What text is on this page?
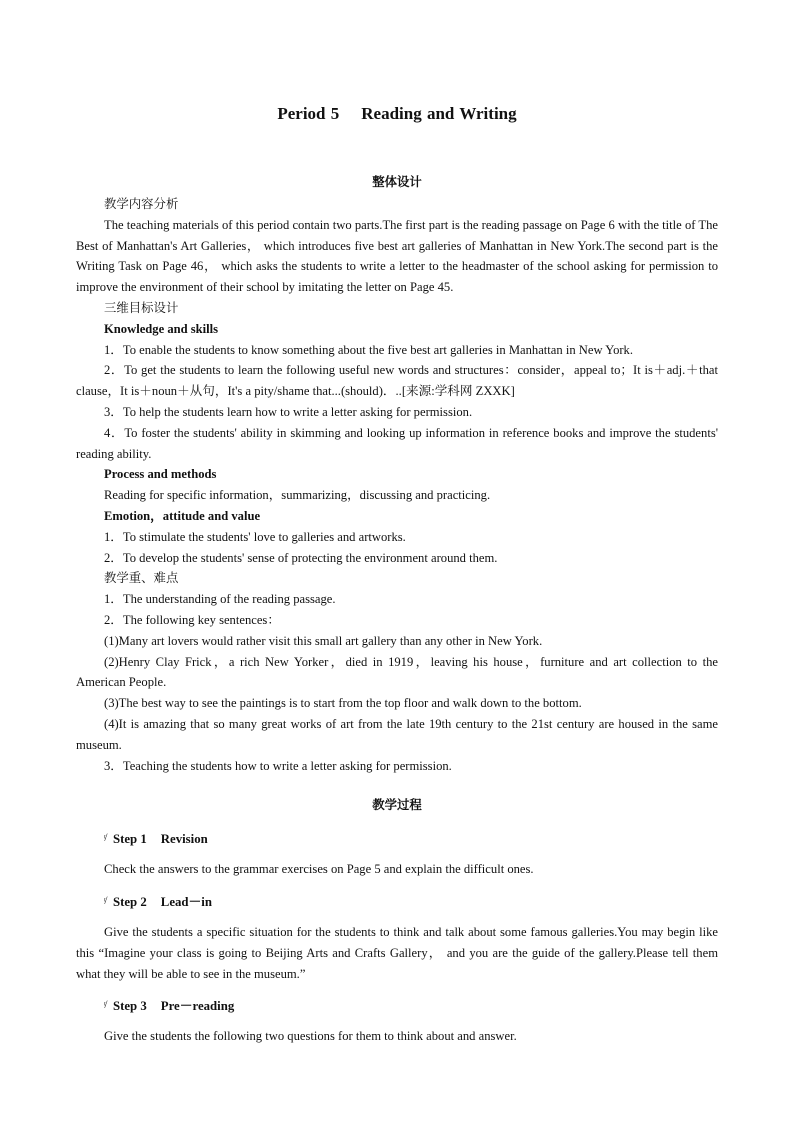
Period 5 Reading and Writing
整体设计

教学内容分析

The teaching materials of this period contain two parts.The first part is the reading passage on Page 6 with the title of The Best of Manhattan's Art Galleries， which introduces five best art galleries of Manhattan in New York.The second part is the Writing Task on Page 46， which asks the students to write a letter to the headmaster of the school asking for permission to improve the environment of their school by imitating the letter on Page 45.

三维目标设计

Knowledge and skills

1．To enable the students to know something about the five best art galleries in Manhattan in New York.

2．To get the students to learn the following useful new words and structures：consider，appeal to；It is＋adj.＋that clause，It is＋noun＋从句，It's a pity/shame that...(should)．..[来源:学科网 ZXXK]

3．To help the students learn how to write a letter asking for permission.

4．To foster the students' ability in skimming and looking up information in reference books and improve the students' reading ability.

Process and methods

Reading for specific information，summarizing，discussing and practicing.

Emotion，attitude and value

1．To stimulate the students' love to galleries and artworks.

2．To develop the students' sense of protecting the environment around them.

教学重、难点

1．The understanding of the reading passage.

2．The following key sentences：

(1)Many art lovers would rather visit this small art gallery than any other in New York.

(2)Henry Clay Frick，a rich New Yorker，died in 1919，leaving his house，furniture and art collection to the American People.

(3)The best way to see the paintings is to start from the top floor and walk down to the bottom.

(4)It is amazing that so many great works of art from the late 19th century to the 21st century are housed in the same museum.

3．Teaching the students how to write a letter asking for permission.

教学过程
ᵗ̸ Step 1 Revision

Check the answers to the grammar exercises on Page 5 and explain the difficult ones.

ᵗ̸ Step 2 Lead－in

Give the students a specific situation for the students to think and talk about some famous galleries.You may begin like this “Imagine your class is going to Beijing Arts and Crafts Gallery， and you are the guide of the gallery.Please tell them what they will be able to see in the museum.”

ᵗ̸ Step 3 Pre－reading

Give the students the following two questions for them to think about and answer.
